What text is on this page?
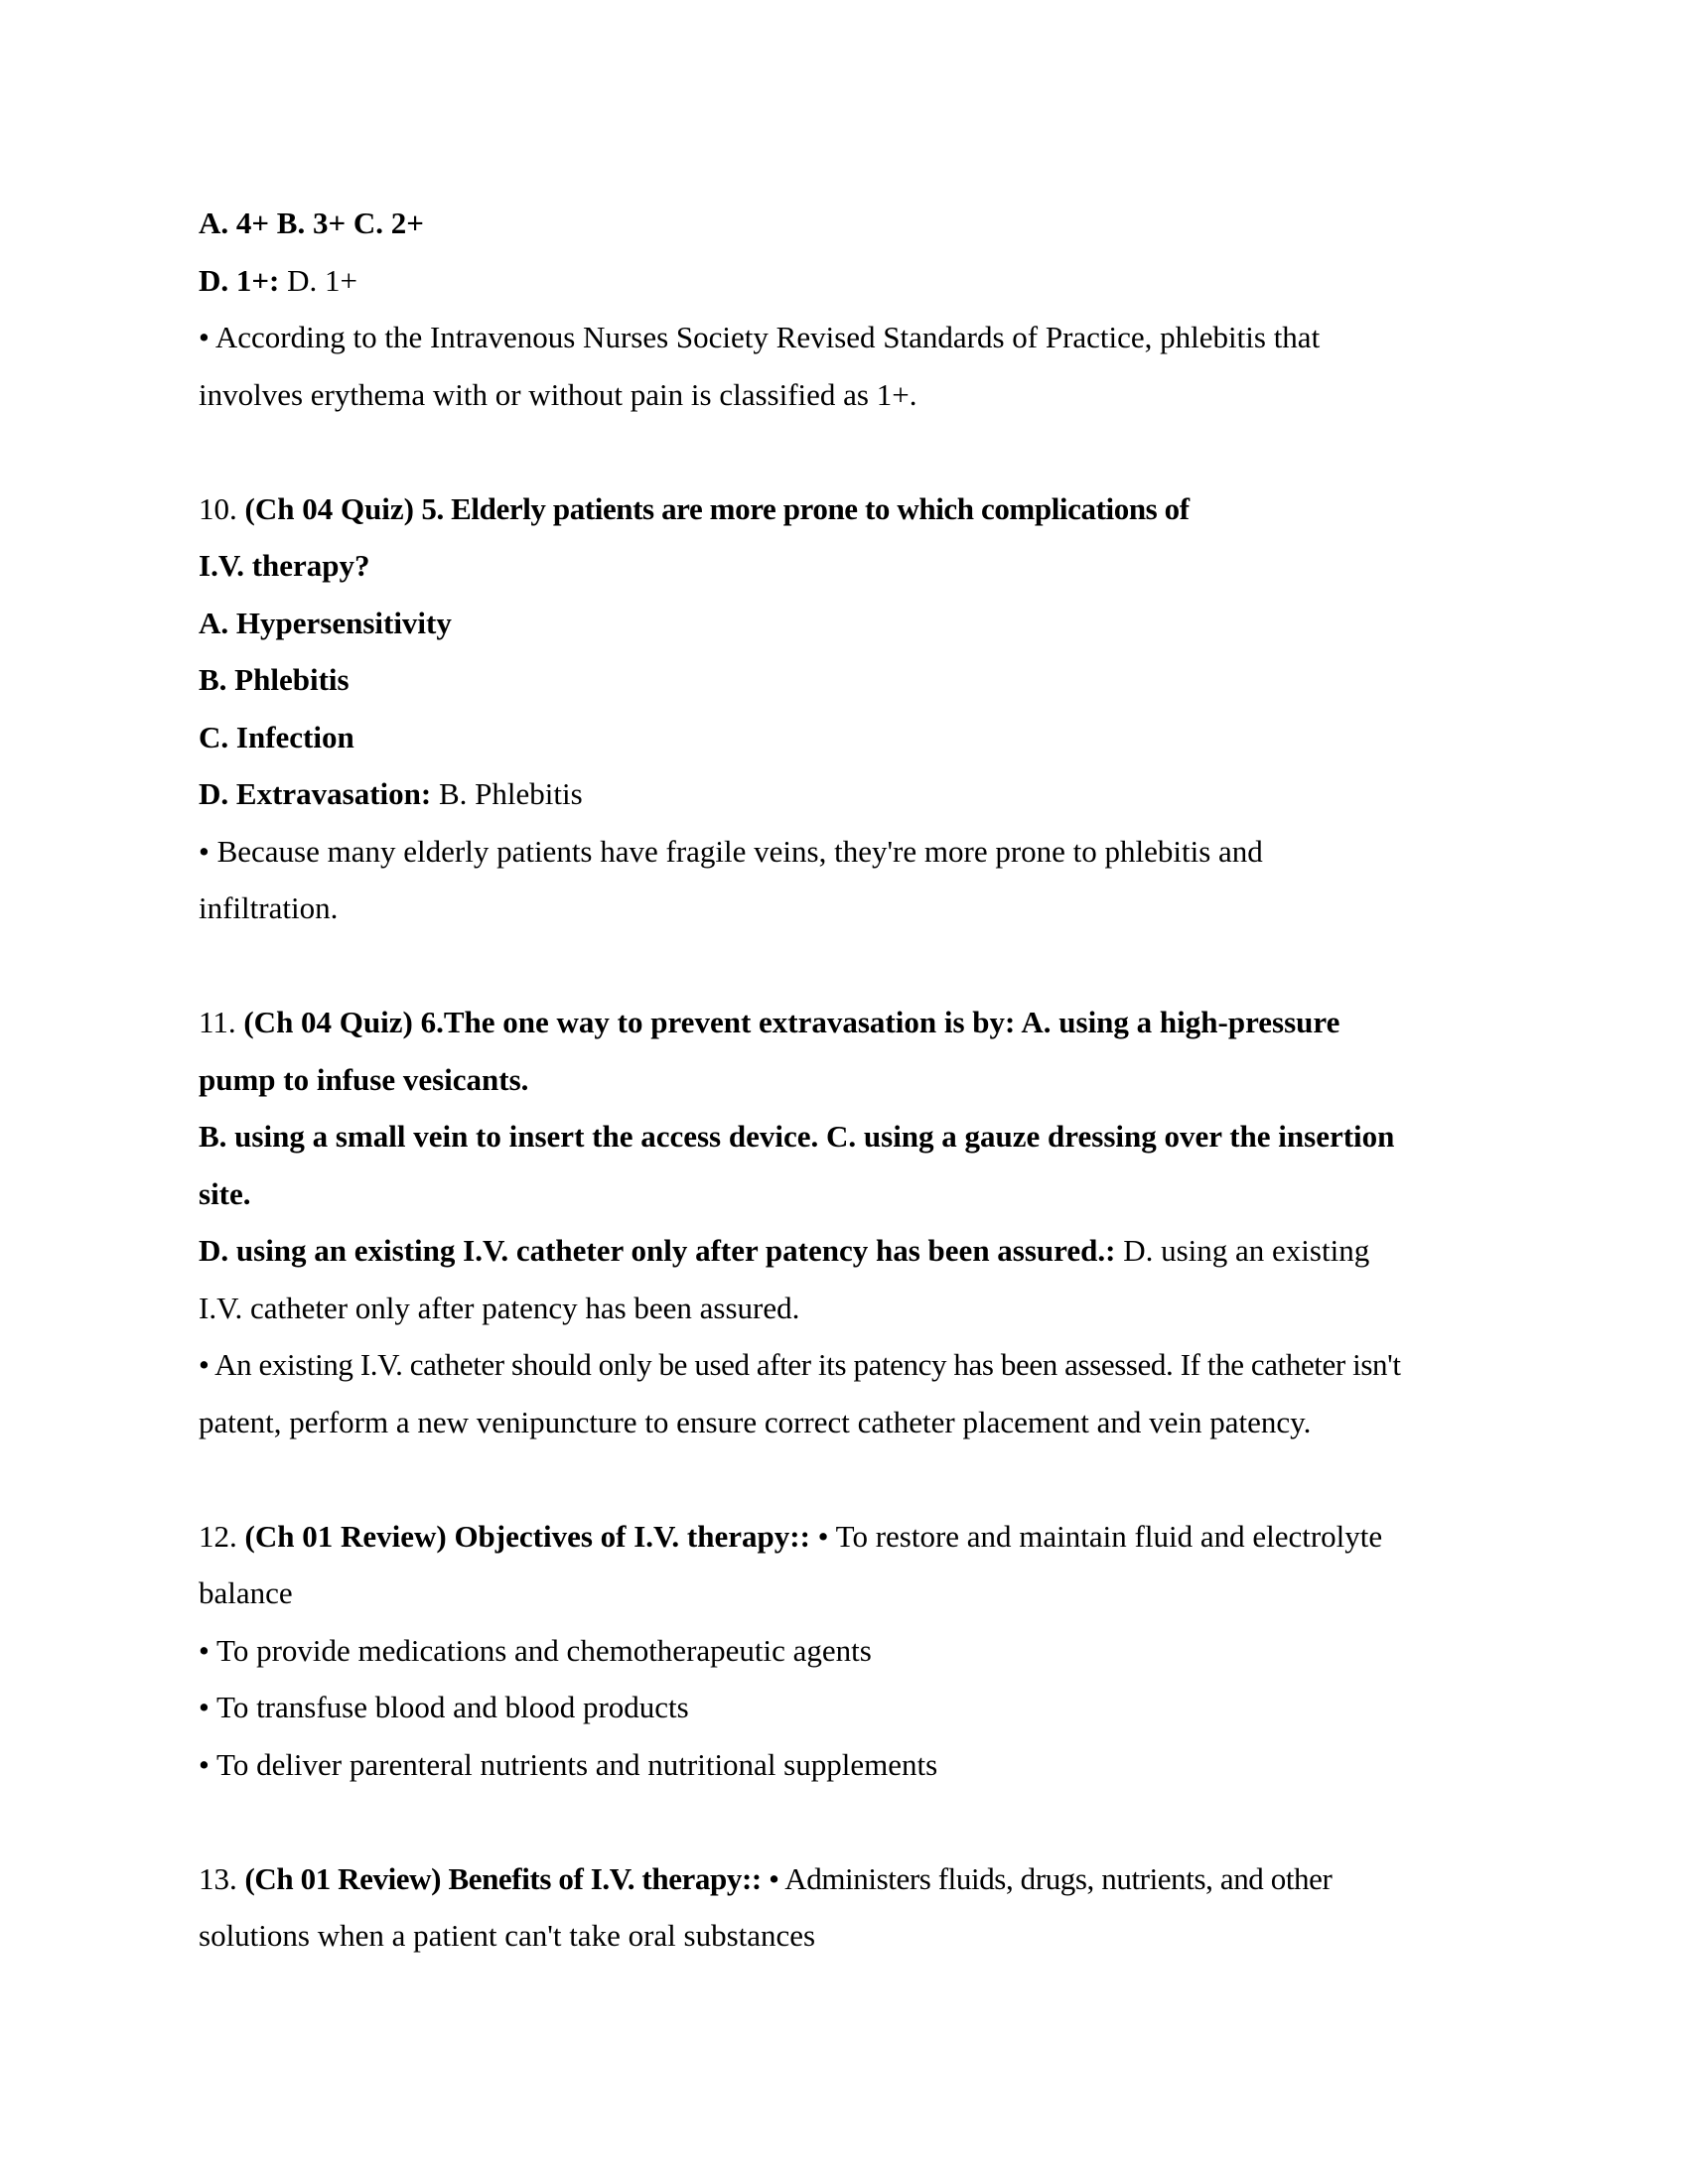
A. 4+ B. 3+ C. 2+
D. 1+: D. 1+
• According to the Intravenous Nurses Society Revised Standards of Practice, phlebitis that
involves erythema with or without pain is classified as 1+.
10. (Ch 04 Quiz) 5. Elderly patients are more prone to which complications of
I.V. therapy?
A. Hypersensitivity
B. Phlebitis
C. Infection
D. Extravasation: B. Phlebitis
• Because many elderly patients have fragile veins, they're more prone to phlebitis and
infiltration.
11. (Ch 04 Quiz) 6.The one way to prevent extravasation is by: A. using a high-pressure
pump to infuse vesicants.
B. using a small vein to insert the access device. C. using a gauze dressing over the insertion
site.
D. using an existing I.V. catheter only after patency has been assured.: D. using an existing
I.V. catheter only after patency has been assured.
• An existing I.V. catheter should only be used after its patency has been assessed. If the catheter isn't
patent, perform a new venipuncture to ensure correct catheter placement and vein patency.
12. (Ch 01 Review) Objectives of I.V. therapy:: • To restore and maintain fluid and electrolyte
balance
• To provide medications and chemotherapeutic agents
• To transfuse blood and blood products
• To deliver parenteral nutrients and nutritional supplements
13. (Ch 01 Review) Benefits of I.V. therapy:: • Administers fluids, drugs, nutrients, and other
solutions when a patient can't take oral substances
